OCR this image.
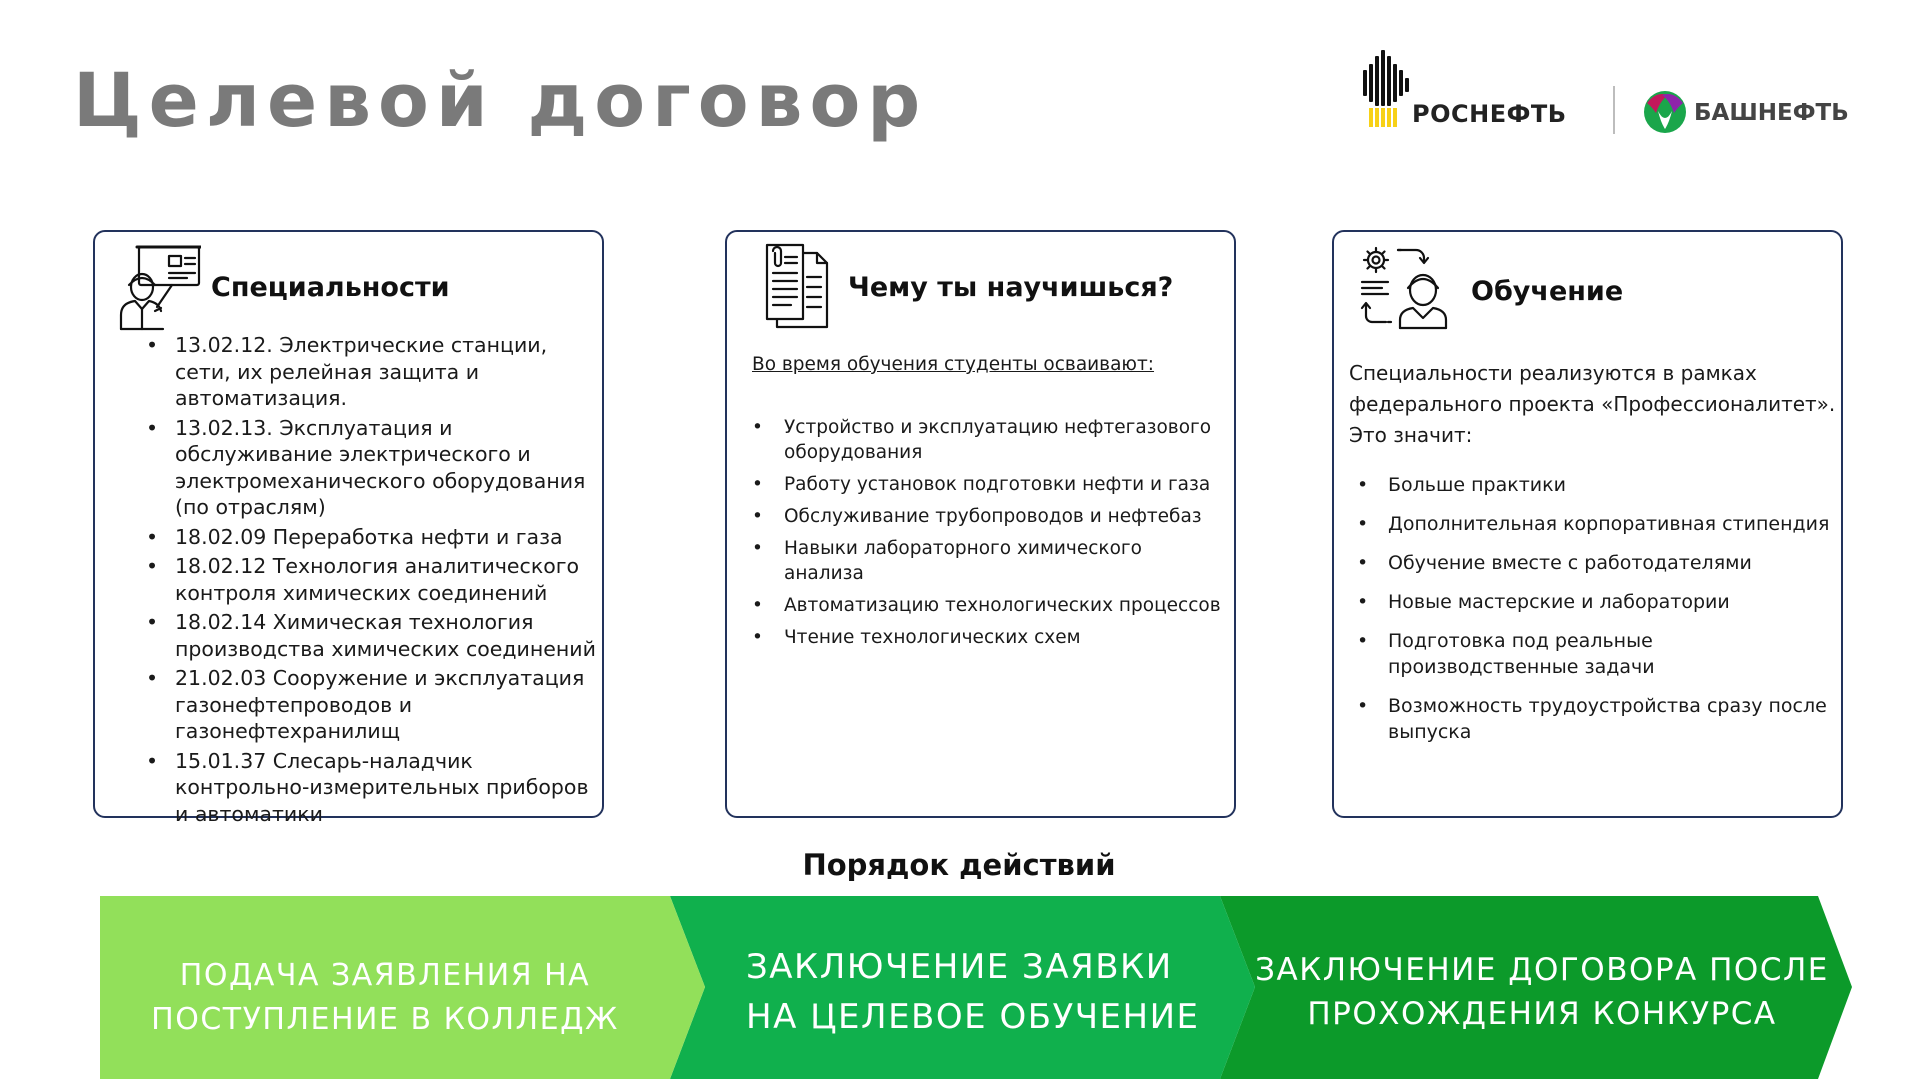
Целевой договор	РОСНЕФТЬ	БАШНЕФТЬ
Специальности
• 13.02.12. Электрические станции, сети, их релейная защита и автоматизация.
• 13.02.13. Эксплуатация и обслуживание электрического и электромеханического оборудования (по отраслям)
• 18.02.09 Переработка нефти и газа
• 18.02.12 Технология аналитического контроля химических соединений
• 18.02.14 Химическая технология производства химических соединений
• 21.02.03 Сооружение и эксплуатация газонефтепроводов и газонефтехранилищ
• 15.01.37 Слесарь-наладчик контрольно-измерительных приборов и автоматики
Чему ты научишься?
Во время обучения студенты осваивают:
• Устройство и эксплуатацию нефтегазового оборудования
• Работу установок подготовки нефти и газа
• Обслуживание трубопроводов и нефтебаз
• Навыки лабораторного химического анализа
• Автоматизацию технологических процессов
• Чтение технологических схем
Обучение
Специальности реализуются в рамках федерального проекта «Профессионалитет». Это значит:
• Больше практики
• Дополнительная корпоративная стипендия
• Обучение вместе с работодателями
• Новые мастерские и лаборатории
• Подготовка под реальные производственные задачи
• Возможность трудоустройства сразу после выпуска
Порядок действий
ПОДАЧА ЗАЯВЛЕНИЯ НА
ПОСТУПЛЕНИЕ В КОЛЛЕДЖ
ЗАКЛЮЧЕНИЕ ЗАЯВКИ
НА ЦЕЛЕВОЕ ОБУЧЕНИЕ
ЗАКЛЮЧЕНИЕ ДОГОВОРА ПОСЛЕ
ПРОХОЖДЕНИЯ КОНКУРСА
